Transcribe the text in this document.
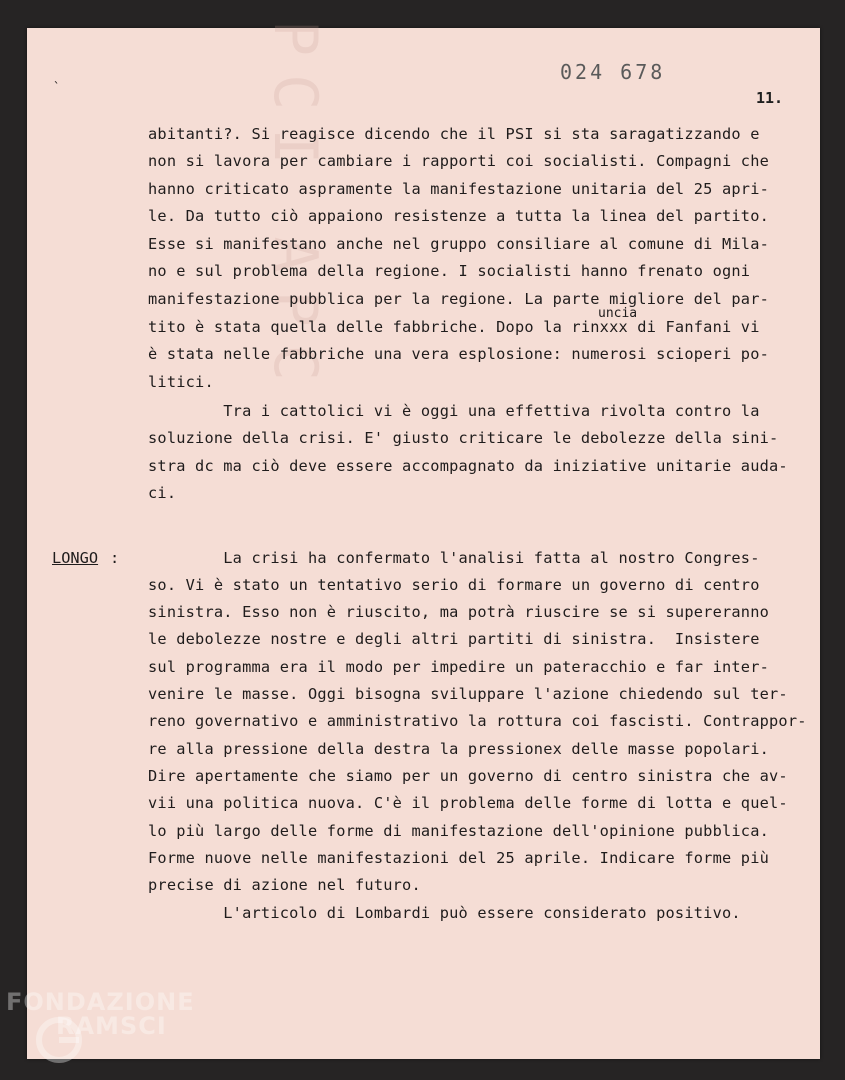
PCI APC
`
024 678
11.
abitanti?. Si reagisce dicendo che il PSI si sta saragatizzando e
non si lavora per cambiare i rapporti coi socialisti. Compagni che
hanno criticato aspramente la manifestazione unitaria del 25 apri-
le. Da tutto ciò appaiono resistenze a tutta la linea del partito.
Esse si manifestano anche nel gruppo consiliare al comune di Mila-
no e sul problema della regione. I socialisti hanno frenato ogni
manifestazione pubblica per la regione. La parte migliore del par-
uncia
tito è stata quella delle fabbriche. Dopo la rinxxx di Fanfani vi
è stata nelle fabbriche una vera esplosione: numerosi scioperi po-
litici.
Tra i cattolici vi è oggi una effettiva rivolta contro la
soluzione della crisi. E' giusto criticare le debolezze della sini-
stra dc ma ciò deve essere accompagnato da iniziative unitarie auda-
ci.
LONGO : La crisi ha confermato l'analisi fatta al nostro Congres-
so. Vi è stato un tentativo serio di formare un governo di centro
sinistra. Esso non è riuscito, ma potrà riuscire se si supereranno
le debolezze nostre e degli altri partiti di sinistra.  Insistere
sul programma era il modo per impedire un pateracchio e far inter-
venire le masse. Oggi bisogna sviluppare l'azione chiedendo sul ter-
reno governativo e amministrativo la rottura coi fascisti. Contrappor-
re alla pressione della destra la pressionex delle masse popolari.
Dire apertamente che siamo per un governo di centro sinistra che av-
vii una politica nuova. C'è il problema delle forme di lotta e quel-
lo più largo delle forme di manifestazione dell'opinione pubblica.
Forme nuove nelle manifestazioni del 25 aprile. Indicare forme più
precise di azione nel futuro.
L'articolo di Lombardi può essere considerato positivo.
FONDAZIONE
RAMSCI
